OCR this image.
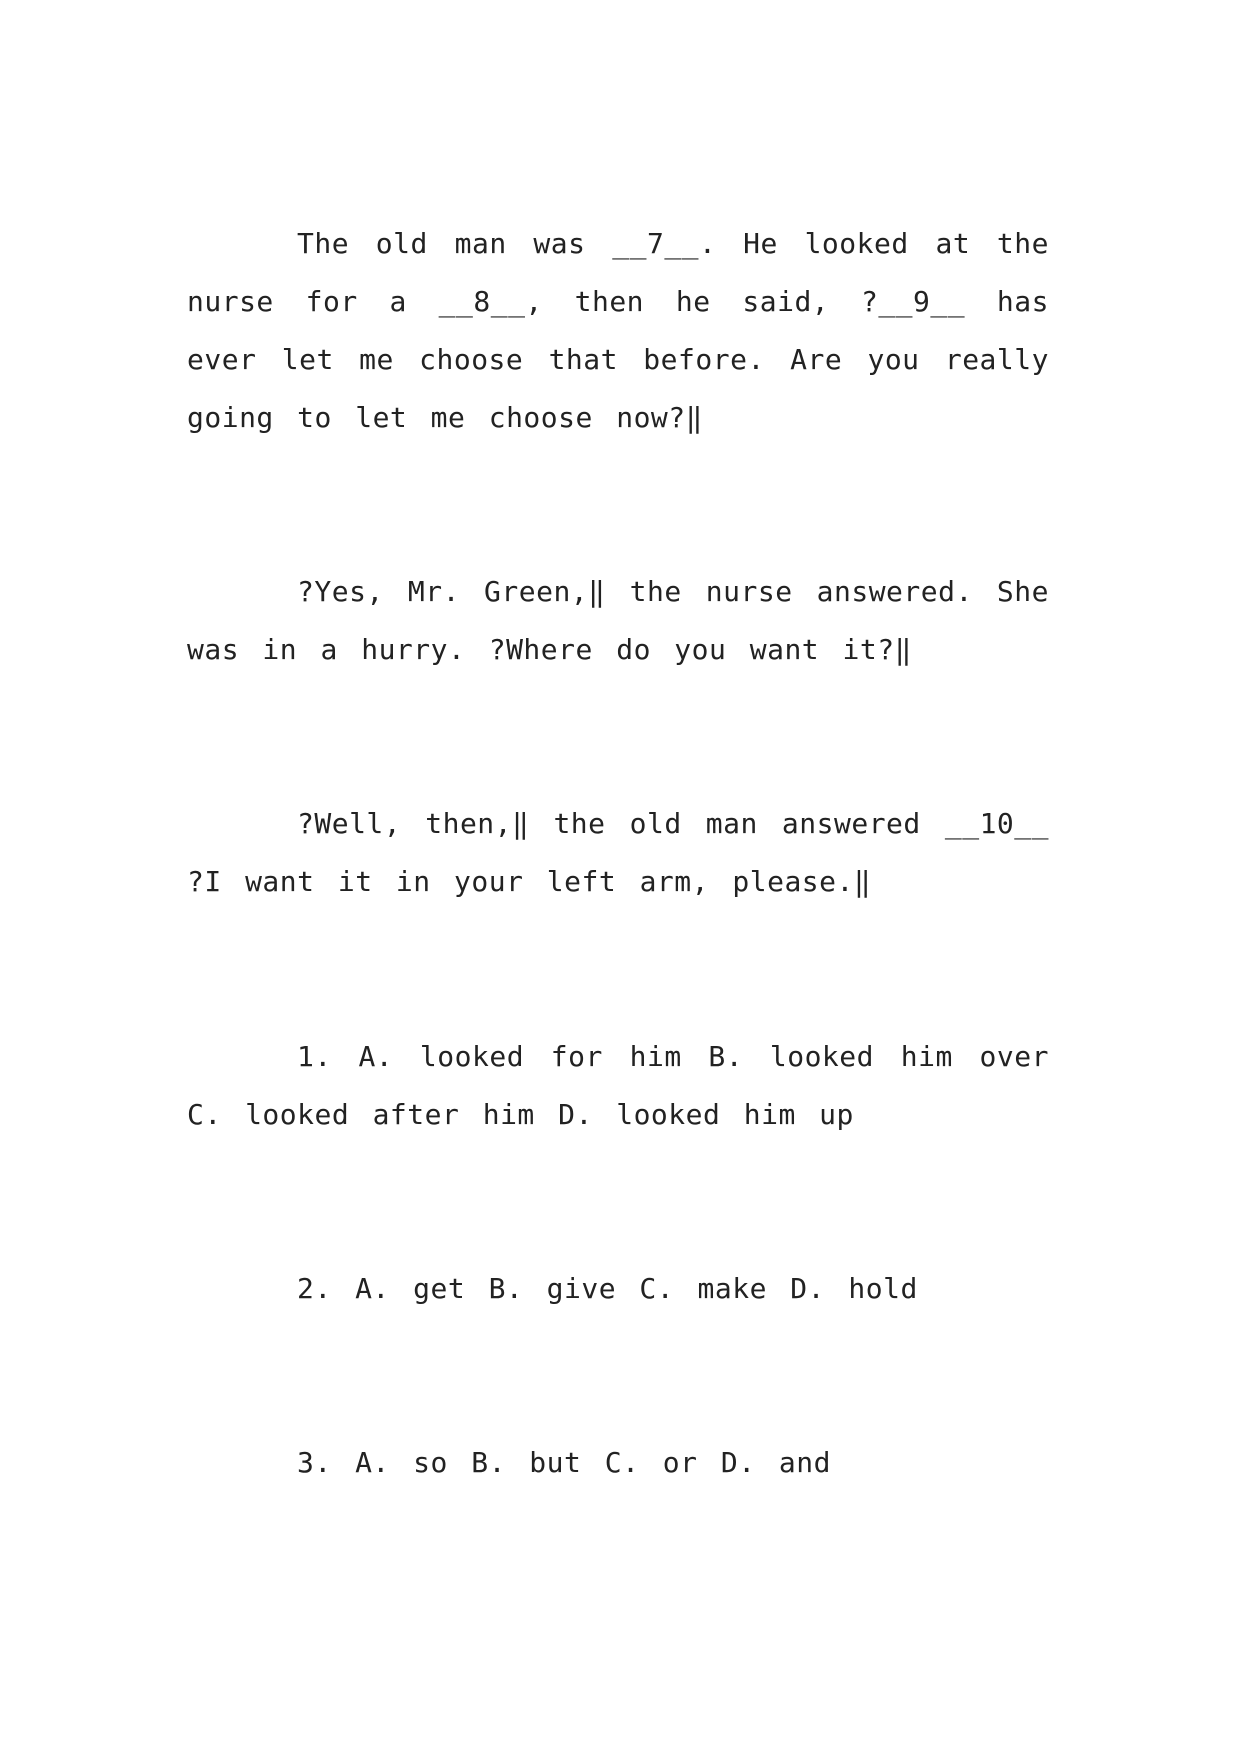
The old man was __7__. He looked at the nurse for a __8__, then he said, ?__9__ has ever let me choose that before. Are you really going to let me choose now?‖

?Yes, Mr. Green,‖ the nurse answered. She was in a hurry. ?Where do you want it?‖

?Well, then,‖ the old man answered __10__ ?I want it in your left arm, please.‖

1. A. looked for him B. looked him over C. looked after him D. looked him up

2. A. get B. give C. make D. hold

3. A. so B. but C. or D. and
